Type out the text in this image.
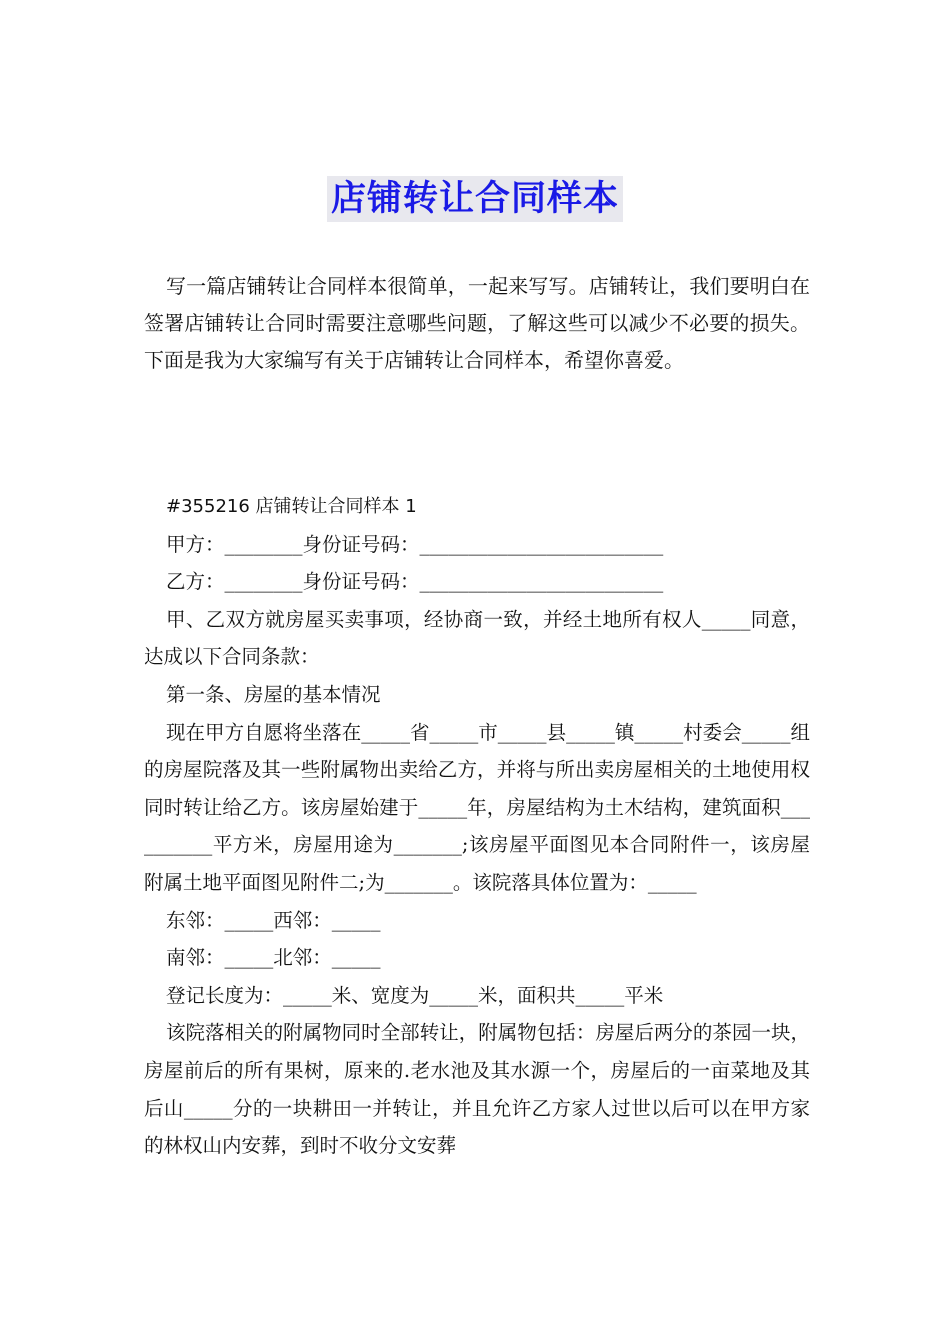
店铺转让合同样本

写一篇店铺转让合同样本很简单，一起来写写。店铺转让，我们要明白在签署店铺转让合同时需要注意哪些问题，了解这些可以减少不必要的损失。下面是我为大家编写有关于店铺转让合同样本，希望你喜爱。

#355216 店铺转让合同样本 1

甲方：________身份证号码：_________________________

乙方：________身份证号码：_________________________

甲、乙双方就房屋买卖事项，经协商一致，并经土地所有权人_____同意，达成以下合同条款：

第一条、房屋的基本情况

现在甲方自愿将坐落在_____省_____市_____县_____镇_____村委会_____组的房屋院落及其一些附属物出卖给乙方，并将与所出卖房屋相关的土地使用权同时转让给乙方。该房屋始建于_____年，房屋结构为土木结构，建筑面积__________平方米，房屋用途为_______;该房屋平面图见本合同附件一，该房屋附属土地平面图见附件二;为_______。该院落具体位置为：_____

东邻：_____西邻：_____

南邻：_____北邻：_____

登记长度为：_____米、宽度为_____米，面积共_____平米

该院落相关的附属物同时全部转让，附属物包括：房屋后两分的茶园一块，房屋前后的所有果树，原来的.老水池及其水源一个，房屋后的一亩菜地及其后山_____分的一块耕田一并转让，并且允许乙方家人过世以后可以在甲方家的林权山内安葬，到时不收分文安葬
